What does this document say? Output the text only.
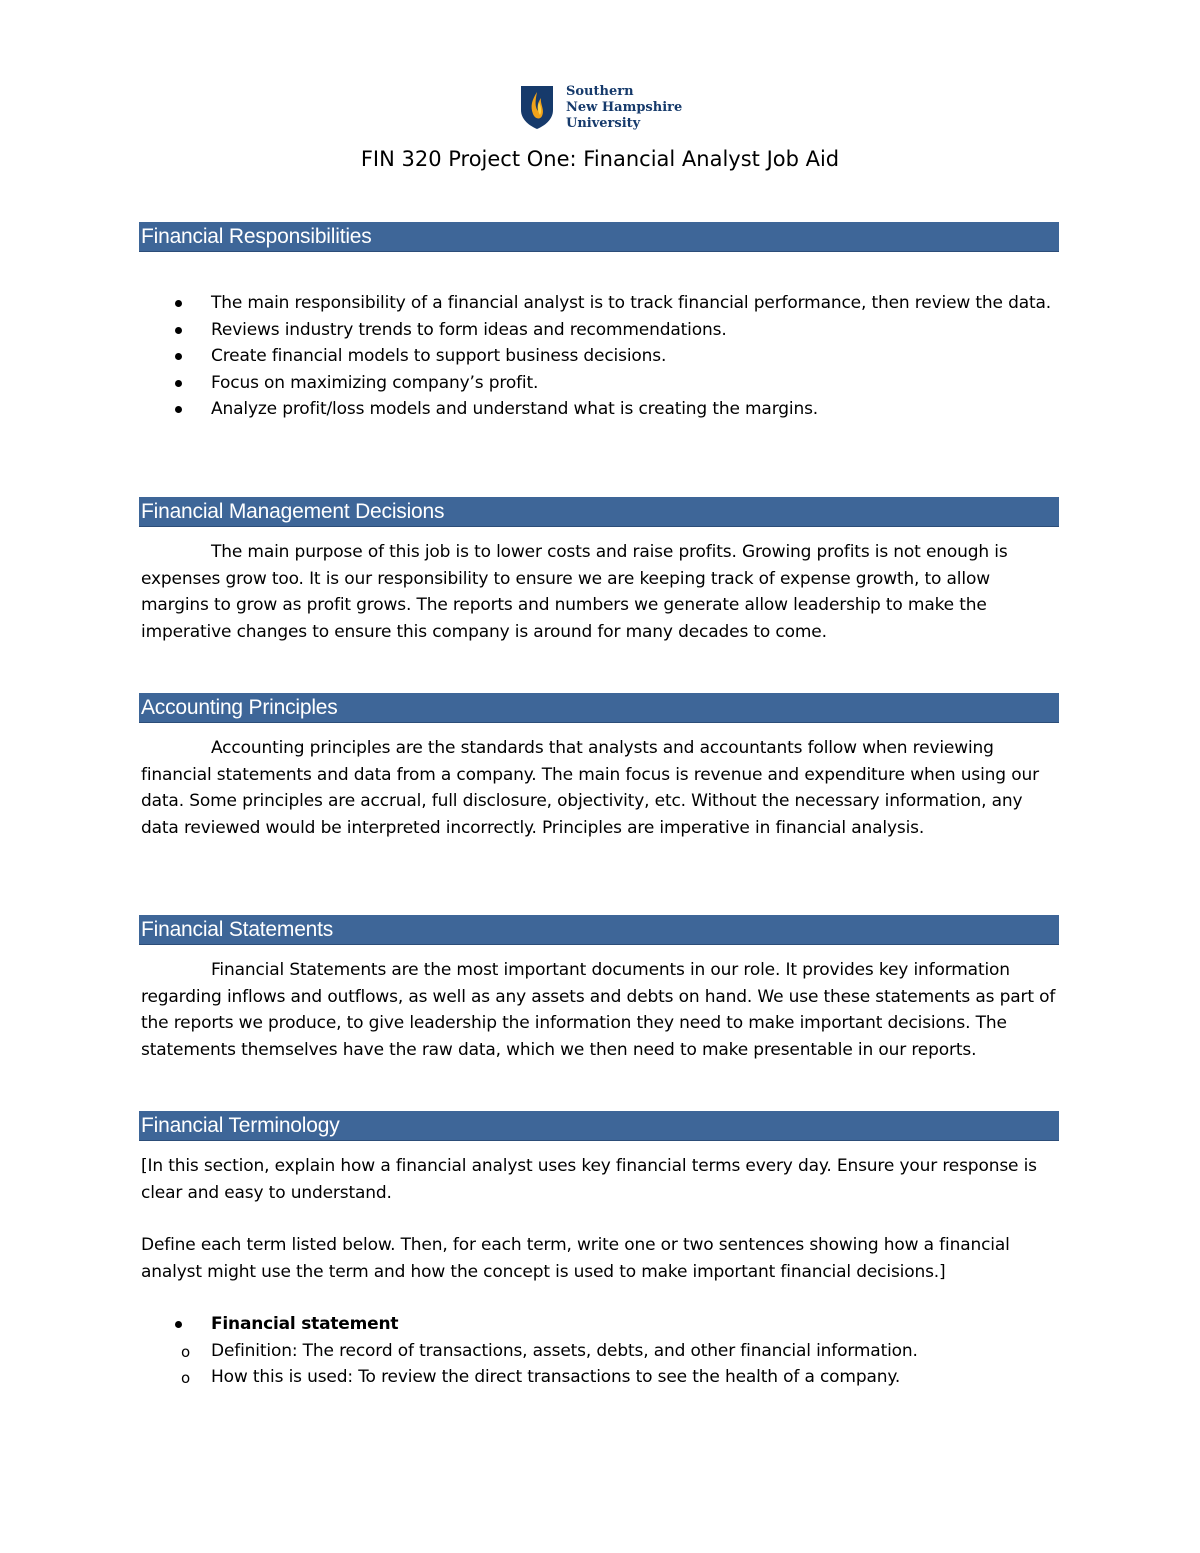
Southern
New Hampshire
University
FIN 320 Project One: Financial Analyst Job Aid
Financial Responsibilities
The main responsibility of a financial analyst is to track financial performance, then review the data.
Reviews industry trends to form ideas and recommendations.
Create financial models to support business decisions.
Focus on maximizing company’s profit.
Analyze profit/loss models and understand what is creating the margins.
Financial Management Decisions

The main purpose of this job is to lower costs and raise profits. Growing profits is not enough is expenses grow too. It is our responsibility to ensure we are keeping track of expense growth, to allow margins to grow as profit grows. The reports and numbers we generate allow leadership to make the imperative changes to ensure this company is around for many decades to come.

Accounting Principles

Accounting principles are the standards that analysts and accountants follow when reviewing financial statements and data from a company. The main focus is revenue and expenditure when using our data. Some principles are accrual, full disclosure, objectivity, etc. Without the necessary information, any data reviewed would be interpreted incorrectly. Principles are imperative in financial analysis.

Financial Statements

Financial Statements are the most important documents in our role. It provides key information regarding inflows and outflows, as well as any assets and debts on hand. We use these statements as part of the reports we produce, to give leadership the information they need to make important decisions. The statements themselves have the raw data, which we then need to make presentable in our reports.

Financial Terminology

[In this section, explain how a financial analyst uses key financial terms every day. Ensure your response is clear and easy to understand.

Define each term listed below. Then, for each term, write one or two sentences showing how a financial analyst might use the term and how the concept is used to make important financial decisions.]

Financial statement
o Definition: The record of transactions, assets, debts, and other financial information.
o How this is used: To review the direct transactions to see the health of a company.
